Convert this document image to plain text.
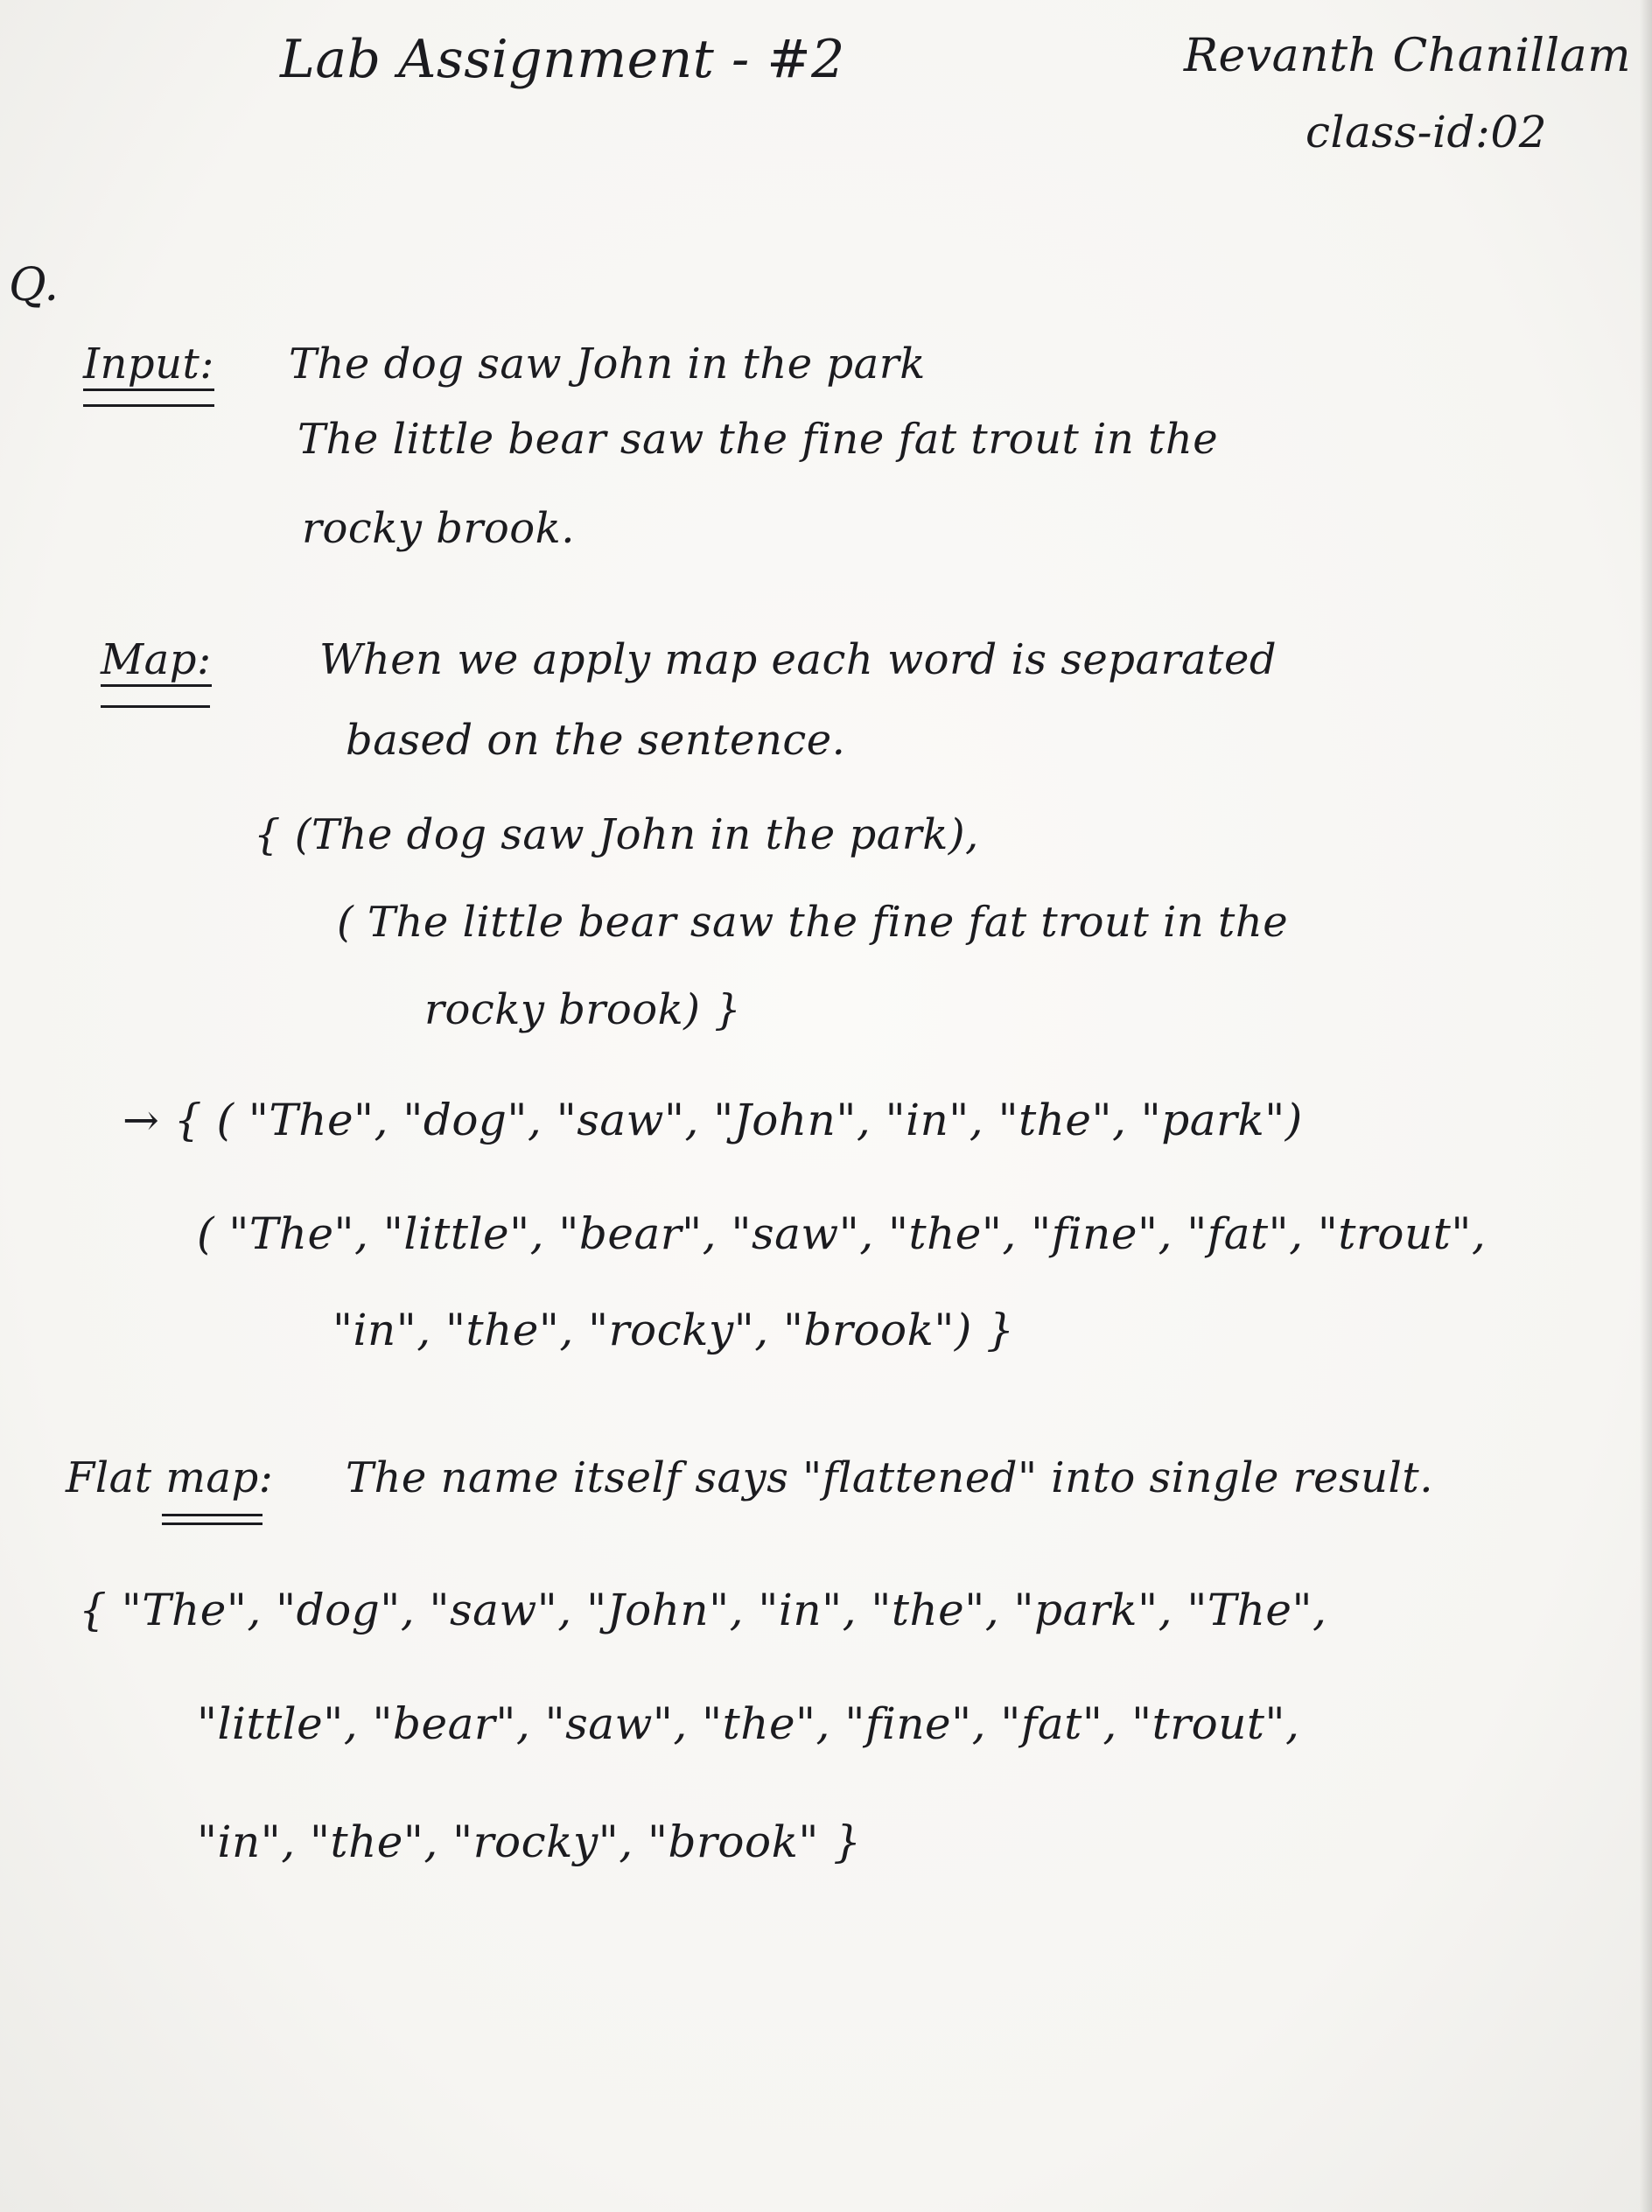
Lab Assignment - #2	Revanth Chanillam
class-id:02
Q.
Input: The dog saw John in the park
The little bear saw the fine fat trout in the
rocky brook.
Map:	When we apply map each word is separated
based on the sentence.
{ (The dog saw John in the park),
( The little bear saw the fine fat trout in the
rocky brook) }
→ { ( "The", "dog", "saw", "John", "in", "the", "park")
( "The", "little", "bear", "saw", "the", "fine", "fat", "trout",
"in", "the", "rocky", "brook") }
Flat map: The name itself says "flattened" into single result.
{ "The", "dog", "saw", "John", "in", "the", "park", "The",
"little", "bear", "saw", "the", "fine", "fat", "trout",
"in", "the", "rocky", "brook" }
